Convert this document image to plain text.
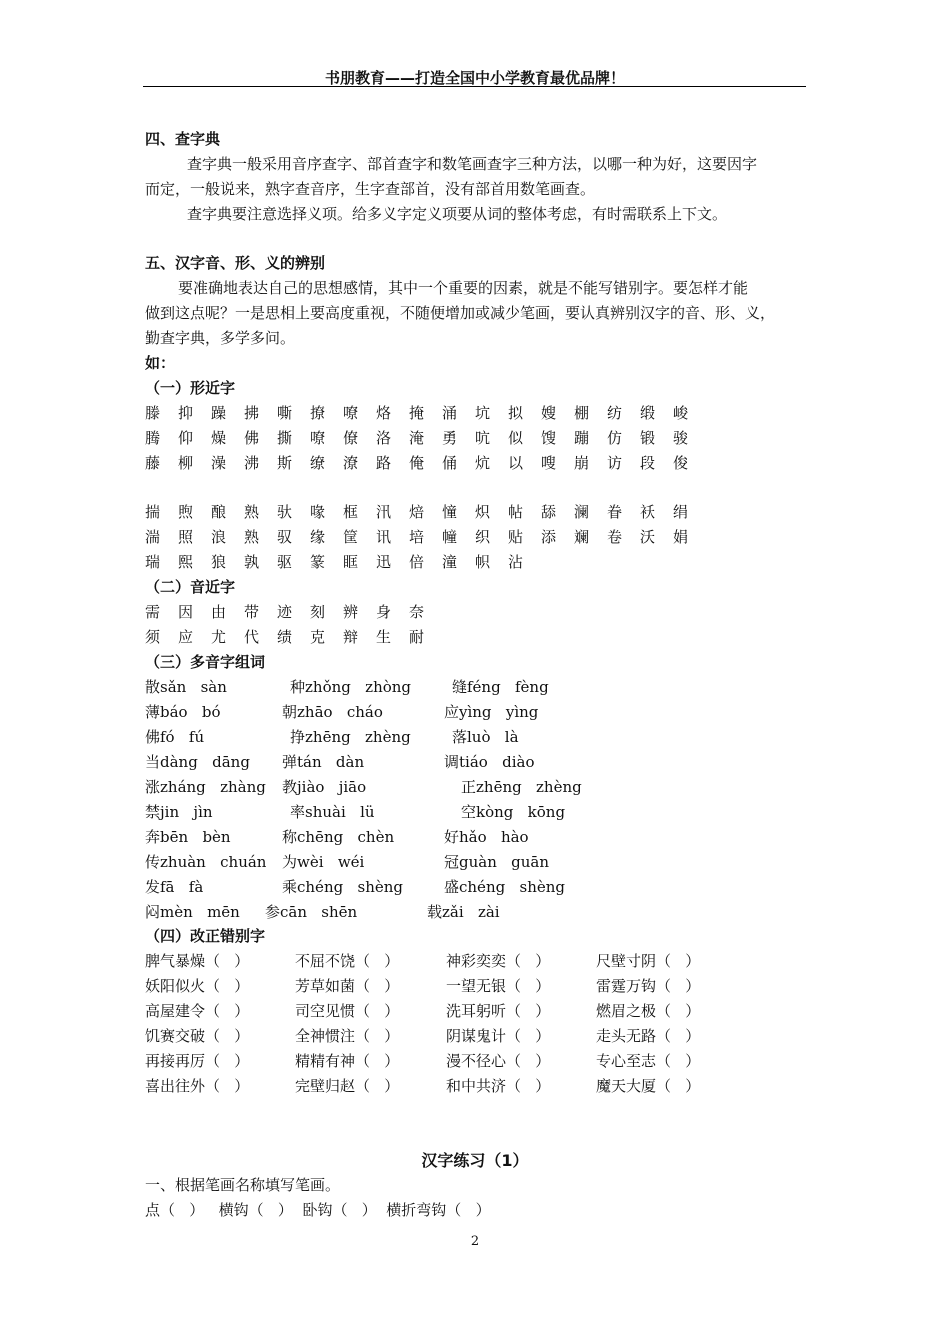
书朋教育——打造全国中小学教育最优品牌！
四、查字典
查字典一般采用音序查字、部首查字和数笔画查字三种方法，以哪一种为好，这要因字
而定，一般说来，熟字查音序，生字查部首，没有部首用数笔画查。
查字典要注意选择义项。给多义字定义项要从词的整体考虑，有时需联系上下文。
五、汉字音、形、义的辨别
要准确地表达自己的思想感情，其中一个重要的因素，就是不能写错别字。要怎样才能
做到这点呢？一是思相上要高度重视，不随便增加或减少笔画，要认真辨别汉字的音、形、义，
勤查字典，多学多问。
如：
（一）形近字
滕 抑 躁 拂 嘶 撩 嘹 烙 掩 涌 坑 拟 嫂 棚 纺 缎 峻
腾 仰 燥 佛 撕 嘹 僚 洛 淹 勇 吭 似 馊 蹦 仿 锻 骏
藤 柳 澡 沸 斯 缭 潦 路 俺 俑 炕 以 嗖 崩 访 段 俊
揣 煦 酿 熟 驮 喙 框 汛 焙 憧 炽 帖 舔 澜 眷 袄 绢
湍 照 浪 熟 驭 缘 筐 讯 培 幢 织 贴 添 斓 卷 沃 娟
瑞 熙 狼 孰 驱 篆 眶 迅 倍 潼 帜 沾
（二）音近字
需 因 由 带 迹 刻 辨 身 奈
须 应 尤 代 绩 克 辩 生 耐
（三）多音字组词
散sǎn   sàn	种zhǒng   zhòng	缝féng   fèng
薄báo   bó	朝zhāo   cháo	应yìng   yìng
佛fó   fú	挣zhēng   zhèng	落luò   là
当dàng   dāng 弹tán   dàn	调tiáo   diào
涨zháng   zhàng 教jiào   jiāo	正zhēng   zhèng
禁jin   jìn	率shuài   lü	空kòng   kōng
奔bēn   bèn	称chēng   chèn	好hǎo   hào
传zhuàn   chuán 为wèi   wéi	冠guàn   guān
发fā   fà	乘chéng   shèng	盛chéng   shèng
闷mèn   mēn 参cān   shēn	载zǎi   zài
（四）改正错别字
脾气暴燥（   ）	不屈不饶（   ）	神彩奕奕（   ）	尺壁寸阴（   ）
妖阳似火（   ）	芳草如菌（   ）	一望无银（   ）	雷霆万钩（   ）
高屋建令（   ）	司空见惯（   ）	洗耳躬听（   ）	燃眉之极（   ）
饥赛交破（   ）	全神惯注（   ）	阴谋鬼计（   ）	走头无路（   ）
再接再厉（   ）	精精有神（   ）	漫不径心（   ）	专心至志（   ）
喜出往外（   ）	完壁归赵（   ）	和中共济（   ）	魔天大厦（   ）
汉字练习（1）
一、根据笔画名称填写笔画。
点（   ）   横钩（   ）  卧钩（   ）  横折弯钩（   ）
2
